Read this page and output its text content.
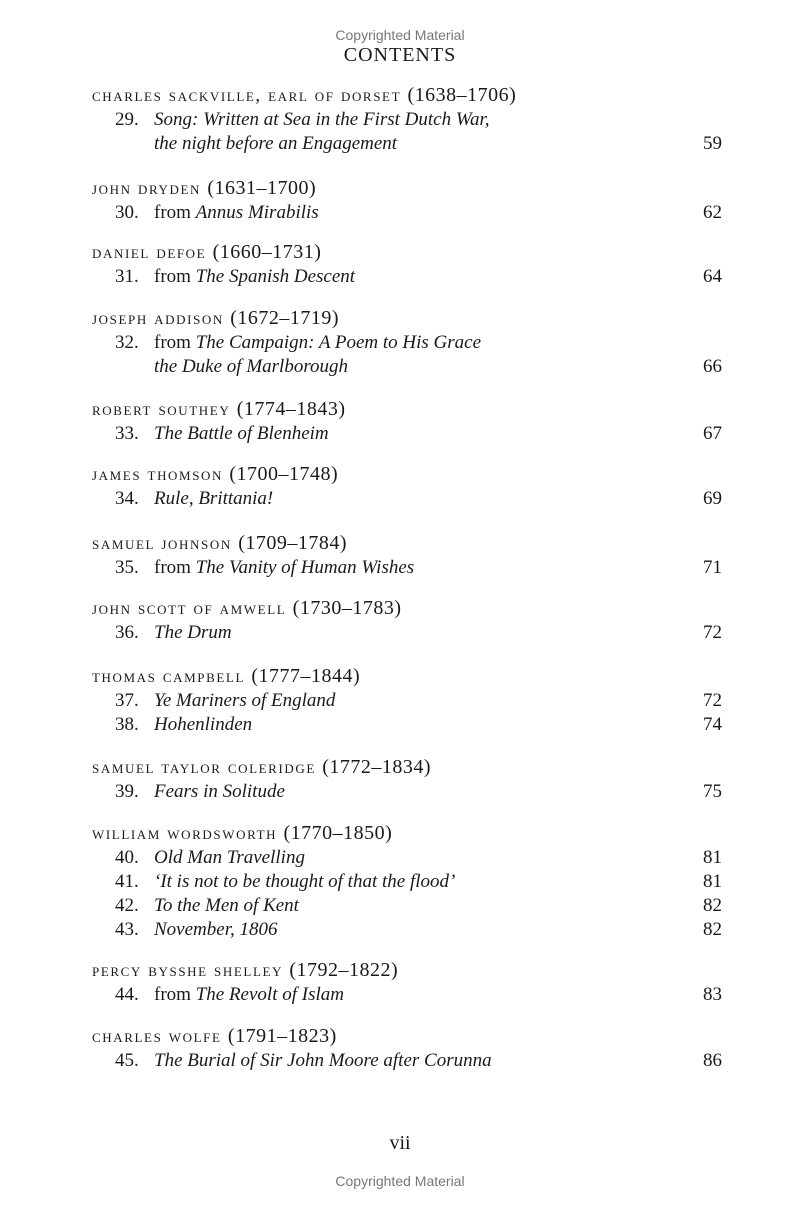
Copyrighted Material
CONTENTS
charles sackville, earl of dorset (1638–1706)
29. Song: Written at Sea in the First Dutch War,
the night before an Engagement	59
john dryden (1631–1700)
30. from Annus Mirabilis	62
daniel defoe (1660–1731)
31. from The Spanish Descent	64
joseph addison (1672–1719)
32. from The Campaign: A Poem to His Grace
the Duke of Marlborough	66
robert southey (1774–1843)
33. The Battle of Blenheim	67
james thomson (1700–1748)
34. Rule, Brittania!	69
samuel johnson (1709–1784)
35. from The Vanity of Human Wishes	71
john scott of amwell (1730–1783)
36. The Drum	72
thomas campbell (1777–1844)
37. Ye Mariners of England	72
38. Hohenlinden	74
samuel taylor coleridge (1772–1834)
39. Fears in Solitude	75
william wordsworth (1770–1850)
40. Old Man Travelling	81
41. ‘It is not to be thought of that the flood’	81
42. To the Men of Kent	82
43. November, 1806	82
percy bysshe shelley (1792–1822)
44. from The Revolt of Islam	83
charles wolfe (1791–1823)
45. The Burial of Sir John Moore after Corunna	86
vii
Copyrighted Material
